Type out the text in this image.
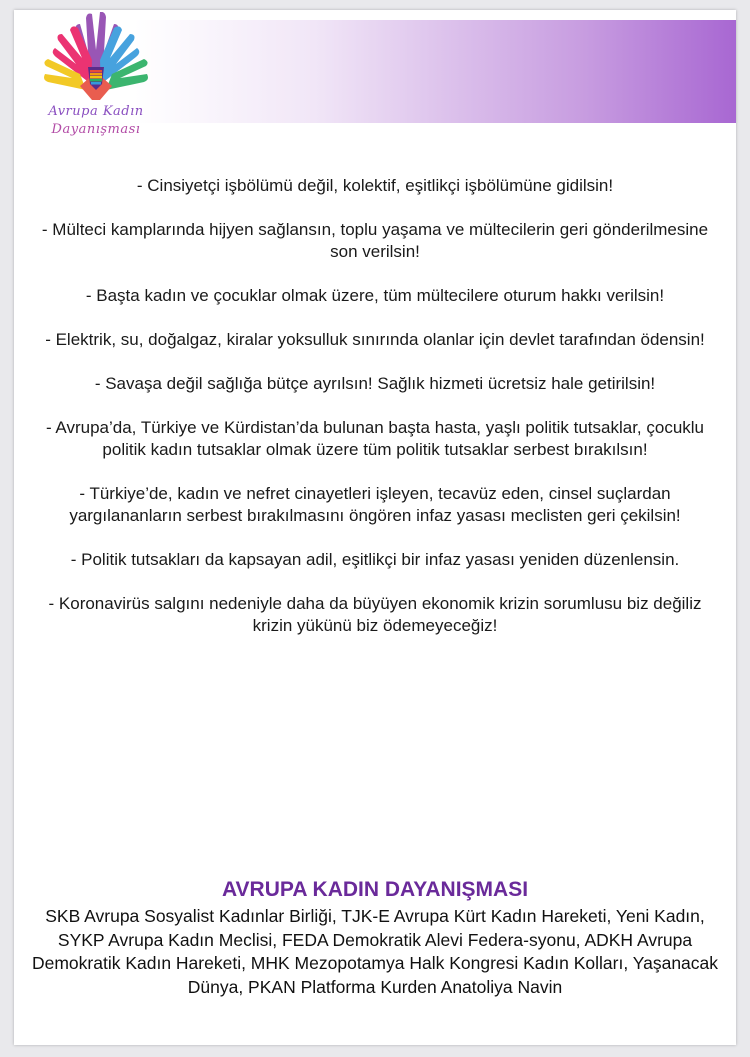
Avrupa Kadın
Dayanışması
- Cinsiyetçi işbölümü değil, kolektif, eşitlikçi işbölümüne gidilsin!
- Mülteci kamplarında hijyen sağlansın, toplu yaşama ve mültecilerin geri gönderilmesine son verilsin!
- Başta kadın ve çocuklar olmak üzere, tüm mültecilere oturum hakkı verilsin!
- Elektrik, su, doğalgaz, kiralar yoksulluk sınırında olanlar için devlet tarafından ödensin!
- Savaşa değil sağlığa bütçe ayrılsın! Sağlık hizmeti ücretsiz hale getirilsin!
- Avrupa’da, Türkiye ve Kürdistan’da bulunan başta hasta, yaşlı politik tutsaklar, çocuklu politik kadın tutsaklar olmak üzere tüm politik tutsaklar serbest bırakılsın!
- Türkiye’de, kadın ve nefret cinayetleri işleyen, tecavüz eden, cinsel suçlardan yargılananların serbest bırakılmasını öngören infaz yasası meclisten geri çekilsin!
- Politik tutsakları da kapsayan adil, eşitlikçi bir infaz yasası yeniden düzenlensin.
- Koronavirüs salgını nedeniyle daha da büyüyen ekonomik krizin sorumlusu biz değiliz krizin yükünü biz ödemeyeceğiz!
AVRUPA KADIN DAYANIŞMASI
SKB Avrupa Sosyalist Kadınlar Birliği, TJK-E Avrupa Kürt Kadın Hareketi, Yeni Kadın, SYKP Avrupa Kadın Meclisi, FEDA Demokratik Alevi Federa-syonu, ADKH Avrupa Demokratik Kadın Hareketi, MHK Mezopotamya Halk Kongresi Kadın Kolları, Yaşanacak Dünya, PKAN Platforma Kurden Anatoliya Navin
